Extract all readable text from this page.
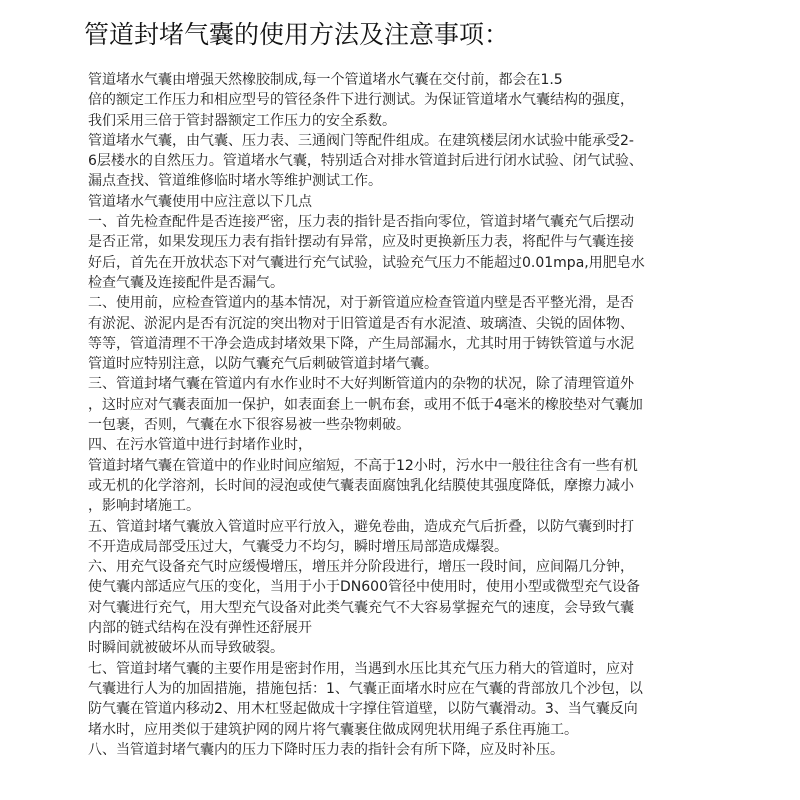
管道封堵气囊的使用方法及注意事项：
管道堵水气囊由增强天然橡胶制成,每一个管道堵水气囊在交付前，都会在1.5
倍的额定工作压力和相应型号的管径条件下进行测试。为保证管道堵水气囊结构的强度，
我们采用三倍于管封器额定工作压力的安全系数。
管道堵水气囊，由气囊、压力表、三通阀门等配件组成。在建筑楼层闭水试验中能承受2-
6层楼水的自然压力。管道堵水气囊，特别适合对排水管道封后进行闭水试验、闭气试验、
漏点查找、管道维修临时堵水等维护测试工作。
管道堵水气囊使用中应注意以下几点
一、首先检查配件是否连接严密，压力表的指针是否指向零位，管道封堵气囊充气后摆动
是否正常，如果发现压力表有指针摆动有异常，应及时更换新压力表，将配件与气囊连接
好后，首先在开放状态下对气囊进行充气试验，试验充气压力不能超过0.01mpa,用肥皂水
检查气囊及连接配件是否漏气。
二、使用前，应检查管道内的基本情况，对于新管道应检查管道内壁是否平整光滑，是否
有淤泥、淤泥内是否有沉淀的突出物对于旧管道是否有水泥渣、玻璃渣、尖锐的固体物、
等等，管道清理不干净会造成封堵效果下降，产生局部漏水，尤其时用于铸铁管道与水泥
管道时应特别注意，以防气囊充气后刺破管道封堵气囊。
三、管道封堵气囊在管道内有水作业时不大好判断管道内的杂物的状况，除了清理管道外
，这时应对气囊表面加一保护，如表面套上一帆布套，或用不低于4毫米的橡胶垫对气囊加
一包裹，否则，气囊在水下很容易被一些杂物刺破。
四、在污水管道中进行封堵作业时，
管道封堵气囊在管道中的作业时间应缩短，不高于12小时，污水中一般往往含有一些有机
或无机的化学溶剂，长时间的浸泡或使气囊表面腐蚀乳化结膜使其强度降低，摩擦力减小
，影响封堵施工。
五、管道封堵气囊放入管道时应平行放入，避免卷曲，造成充气后折叠，以防气囊到时打
不开造成局部受压过大，气囊受力不均匀，瞬时增压局部造成爆裂。
六、用充气设备充气时应缓慢增压，增压并分阶段进行，增压一段时间，应间隔几分钟，
使气囊内部适应气压的变化，当用于小于DN600管径中使用时，使用小型或微型充气设备
对气囊进行充气，用大型充气设备对此类气囊充气不大容易掌握充气的速度，会导致气囊
内部的链式结构在没有弹性还舒展开
时瞬间就被破坏从而导致破裂。
七、管道封堵气囊的主要作用是密封作用，当遇到水压比其充气压力稍大的管道时，应对
气囊进行人为的加固措施，措施包括：1、气囊正面堵水时应在气囊的背部放几个沙包，以
防气囊在管道内移动2、用木杠竖起做成十字撑住管道壁，以防气囊滑动。3、当气囊反向
堵水时，应用类似于建筑护网的网片将气囊裹住做成网兜状用绳子系住再施工。
八、当管道封堵气囊内的压力下降时压力表的指针会有所下降，应及时补压。
